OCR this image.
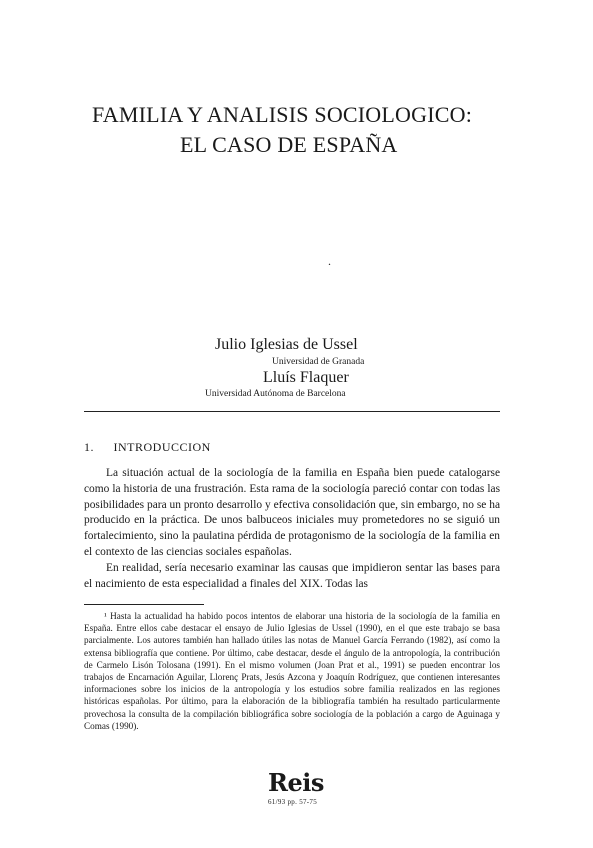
FAMILIA Y ANALISIS SOCIOLOGICO:
EL CASO DE ESPAÑA
.
Julio Iglesias de Ussel
Universidad de Granada
Lluís Flaquer
Universidad Autónoma de Barcelona
1. INTRODUCCION

La situación actual de la sociología de la familia en España bien puede catalogarse como la historia de una frustración. Esta rama de la sociología pareció contar con todas las posibilidades para un pronto desarrollo y efectiva consolidación que, sin embargo, no se ha producido en la práctica. De unos balbuceos iniciales muy prometedores no se siguió un fortalecimiento, sino la paulatina pérdida de protagonismo de la sociología de la familia en el contexto de las ciencias sociales españolas.

En realidad, sería necesario examinar las causas que impidieron sentar las bases para el nacimiento de esta especialidad a finales del XIX. Todas las

¹ Hasta la actualidad ha habido pocos intentos de elaborar una historia de la sociología de la familia en España. Entre ellos cabe destacar el ensayo de Julio Iglesias de Ussel (1990), en el que este trabajo se basa parcialmente. Los autores también han hallado útiles las notas de Manuel García Ferrando (1982), así como la extensa bibliografía que contiene. Por último, cabe destacar, desde el ángulo de la antropología, la contribución de Carmelo Lisón Tolosana (1991). En el mismo volumen (Joan Prat et al., 1991) se pueden encontrar los trabajos de Encarnación Aguilar, Llorenç Prats, Jesús Azcona y Joaquín Rodríguez, que contienen interesantes informaciones sobre los inicios de la antropología y los estudios sobre familia realizados en las regiones históricas españolas. Por último, para la elaboración de la bibliografía también ha resultado particularmente provechosa la consulta de la compilación bibliográfica sobre sociología de la población a cargo de Aguinaga y Comas (1990).

Reis
61/93 pp. 57-75
